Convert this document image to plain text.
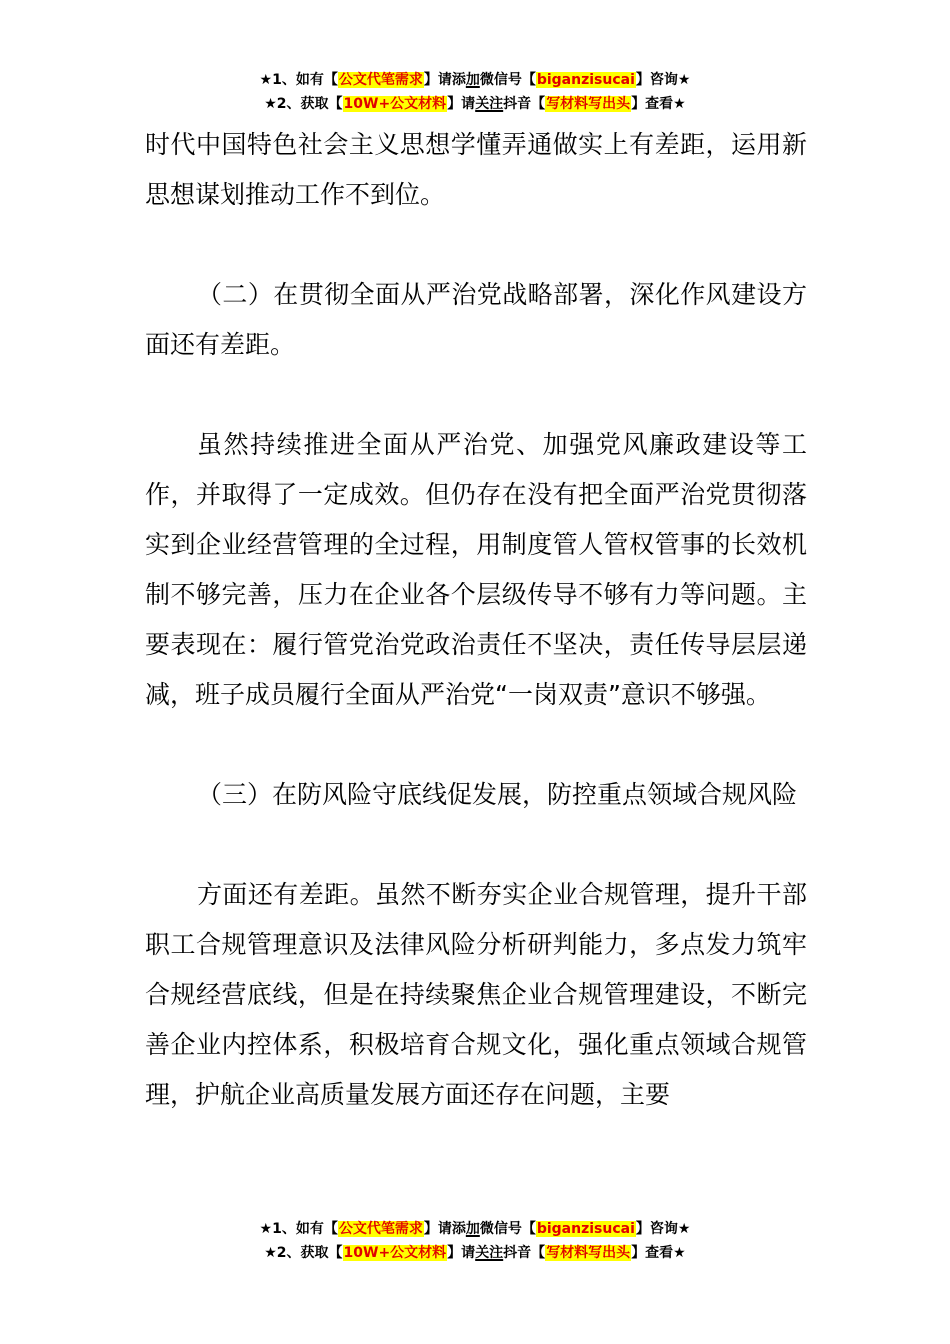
★1、如有【公文代笔需求】请添加微信号【biganzisucai】咨询★
★2、获取【10W+公文材料】请关注抖音【写材料写出头】查看★

时代中国特色社会主义思想学懂弄通做实上有差距，运用新思想谋划推动工作不到位。

（二）在贯彻全面从严治党战略部署，深化作风建设方面还有差距。

虽然持续推进全面从严治党、加强党风廉政建设等工作，并取得了一定成效。但仍存在没有把全面严治党贯彻落实到企业经营管理的全过程，用制度管人管权管事的长效机制不够完善，压力在企业各个层级传导不够有力等问题。主要表现在：履行管党治党政治责任不坚决，责任传导层层递减，班子成员履行全面从严治党“一岗双责”意识不够强。

（三）在防风险守底线促发展，防控重点领域合规风险

方面还有差距。虽然不断夯实企业合规管理，提升干部职工合规管理意识及法律风险分析研判能力，多点发力筑牢合规经营底线，但是在持续聚焦企业合规管理建设，不断完善企业内控体系，积极培育合规文化，强化重点领域合规管理，护航企业高质量发展方面还存在问题，主要

★1、如有【公文代笔需求】请添加微信号【biganzisucai】咨询★
★2、获取【10W+公文材料】请关注抖音【写材料写出头】查看★
